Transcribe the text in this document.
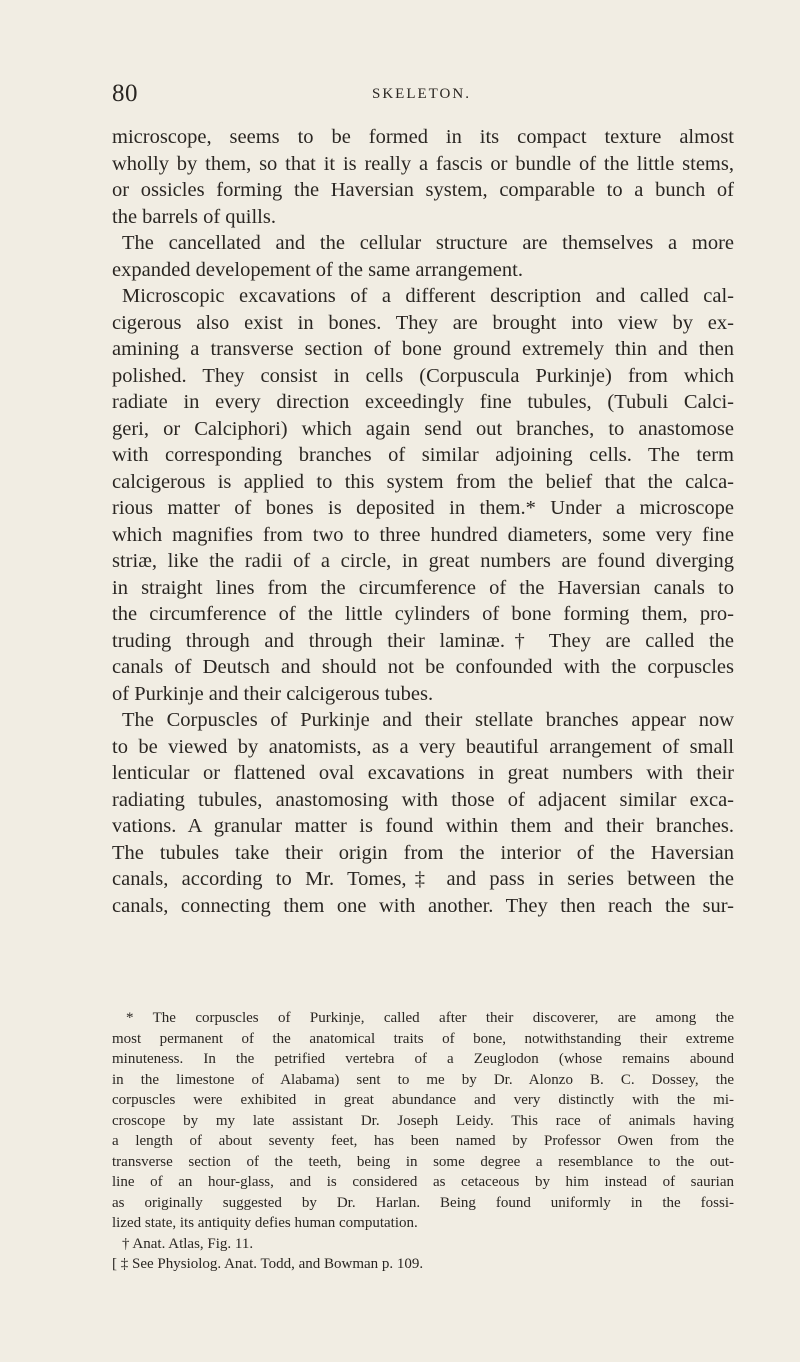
80	SKELETON.
microscope, seems to be formed in its compact texture almost
wholly by them, so that it is really a fascis or bundle of the little stems,
or ossicles forming the Haversian system, comparable to a bunch of
the barrels of quills.
The cancellated and the cellular structure are themselves a more
expanded developement of the same arrangement.
Microscopic excavations of a different description and called cal-
cigerous also exist in bones. They are brought into view by ex-
amining a transverse section of bone ground extremely thin and then
polished. They consist in cells (Corpuscula Purkinje) from which
radiate in every direction exceedingly fine tubules, (Tubuli Calci-
geri, or Calciphori) which again send out branches, to anastomose
with corresponding branches of similar adjoining cells. The term
calcigerous is applied to this system from the belief that the calca-
rious matter of bones is deposited in them.* Under a microscope
which magnifies from two to three hundred diameters, some very fine
striæ, like the radii of a circle, in great numbers are found diverging
in straight lines from the circumference of the Haversian canals to
the circumference of the little cylinders of bone forming them, pro-
truding through and through their laminæ.† They are called the
canals of Deutsch and should not be confounded with the corpuscles
of Purkinje and their calcigerous tubes.
The Corpuscles of Purkinje and their stellate branches appear now
to be viewed by anatomists, as a very beautiful arrangement of small
lenticular or flattened oval excavations in great numbers with their
radiating tubules, anastomosing with those of adjacent similar exca-
vations. A granular matter is found within them and their branches.
The tubules take their origin from the interior of the Haversian
canals, according to Mr. Tomes,‡ and pass in series between the
canals, connecting them one with another. They then reach the sur-
* The corpuscles of Purkinje, called after their discoverer, are among the
most permanent of the anatomical traits of bone, notwithstanding their extreme
minuteness. In the petrified vertebra of a Zeuglodon (whose remains abound
in the limestone of Alabama) sent to me by Dr. Alonzo B. C. Dossey, the
corpuscles were exhibited in great abundance and very distinctly with the mi-
croscope by my late assistant Dr. Joseph Leidy. This race of animals having
a length of about seventy feet, has been named by Professor Owen from the
transverse section of the teeth, being in some degree a resemblance to the out-
line of an hour-glass, and is considered as cetaceous by him instead of saurian
as originally suggested by Dr. Harlan. Being found uniformly in the fossi-
lized state, its antiquity defies human computation.
† Anat. Atlas, Fig. 11.
[ ‡ See Physiolog. Anat. Todd, and Bowman p. 109.
